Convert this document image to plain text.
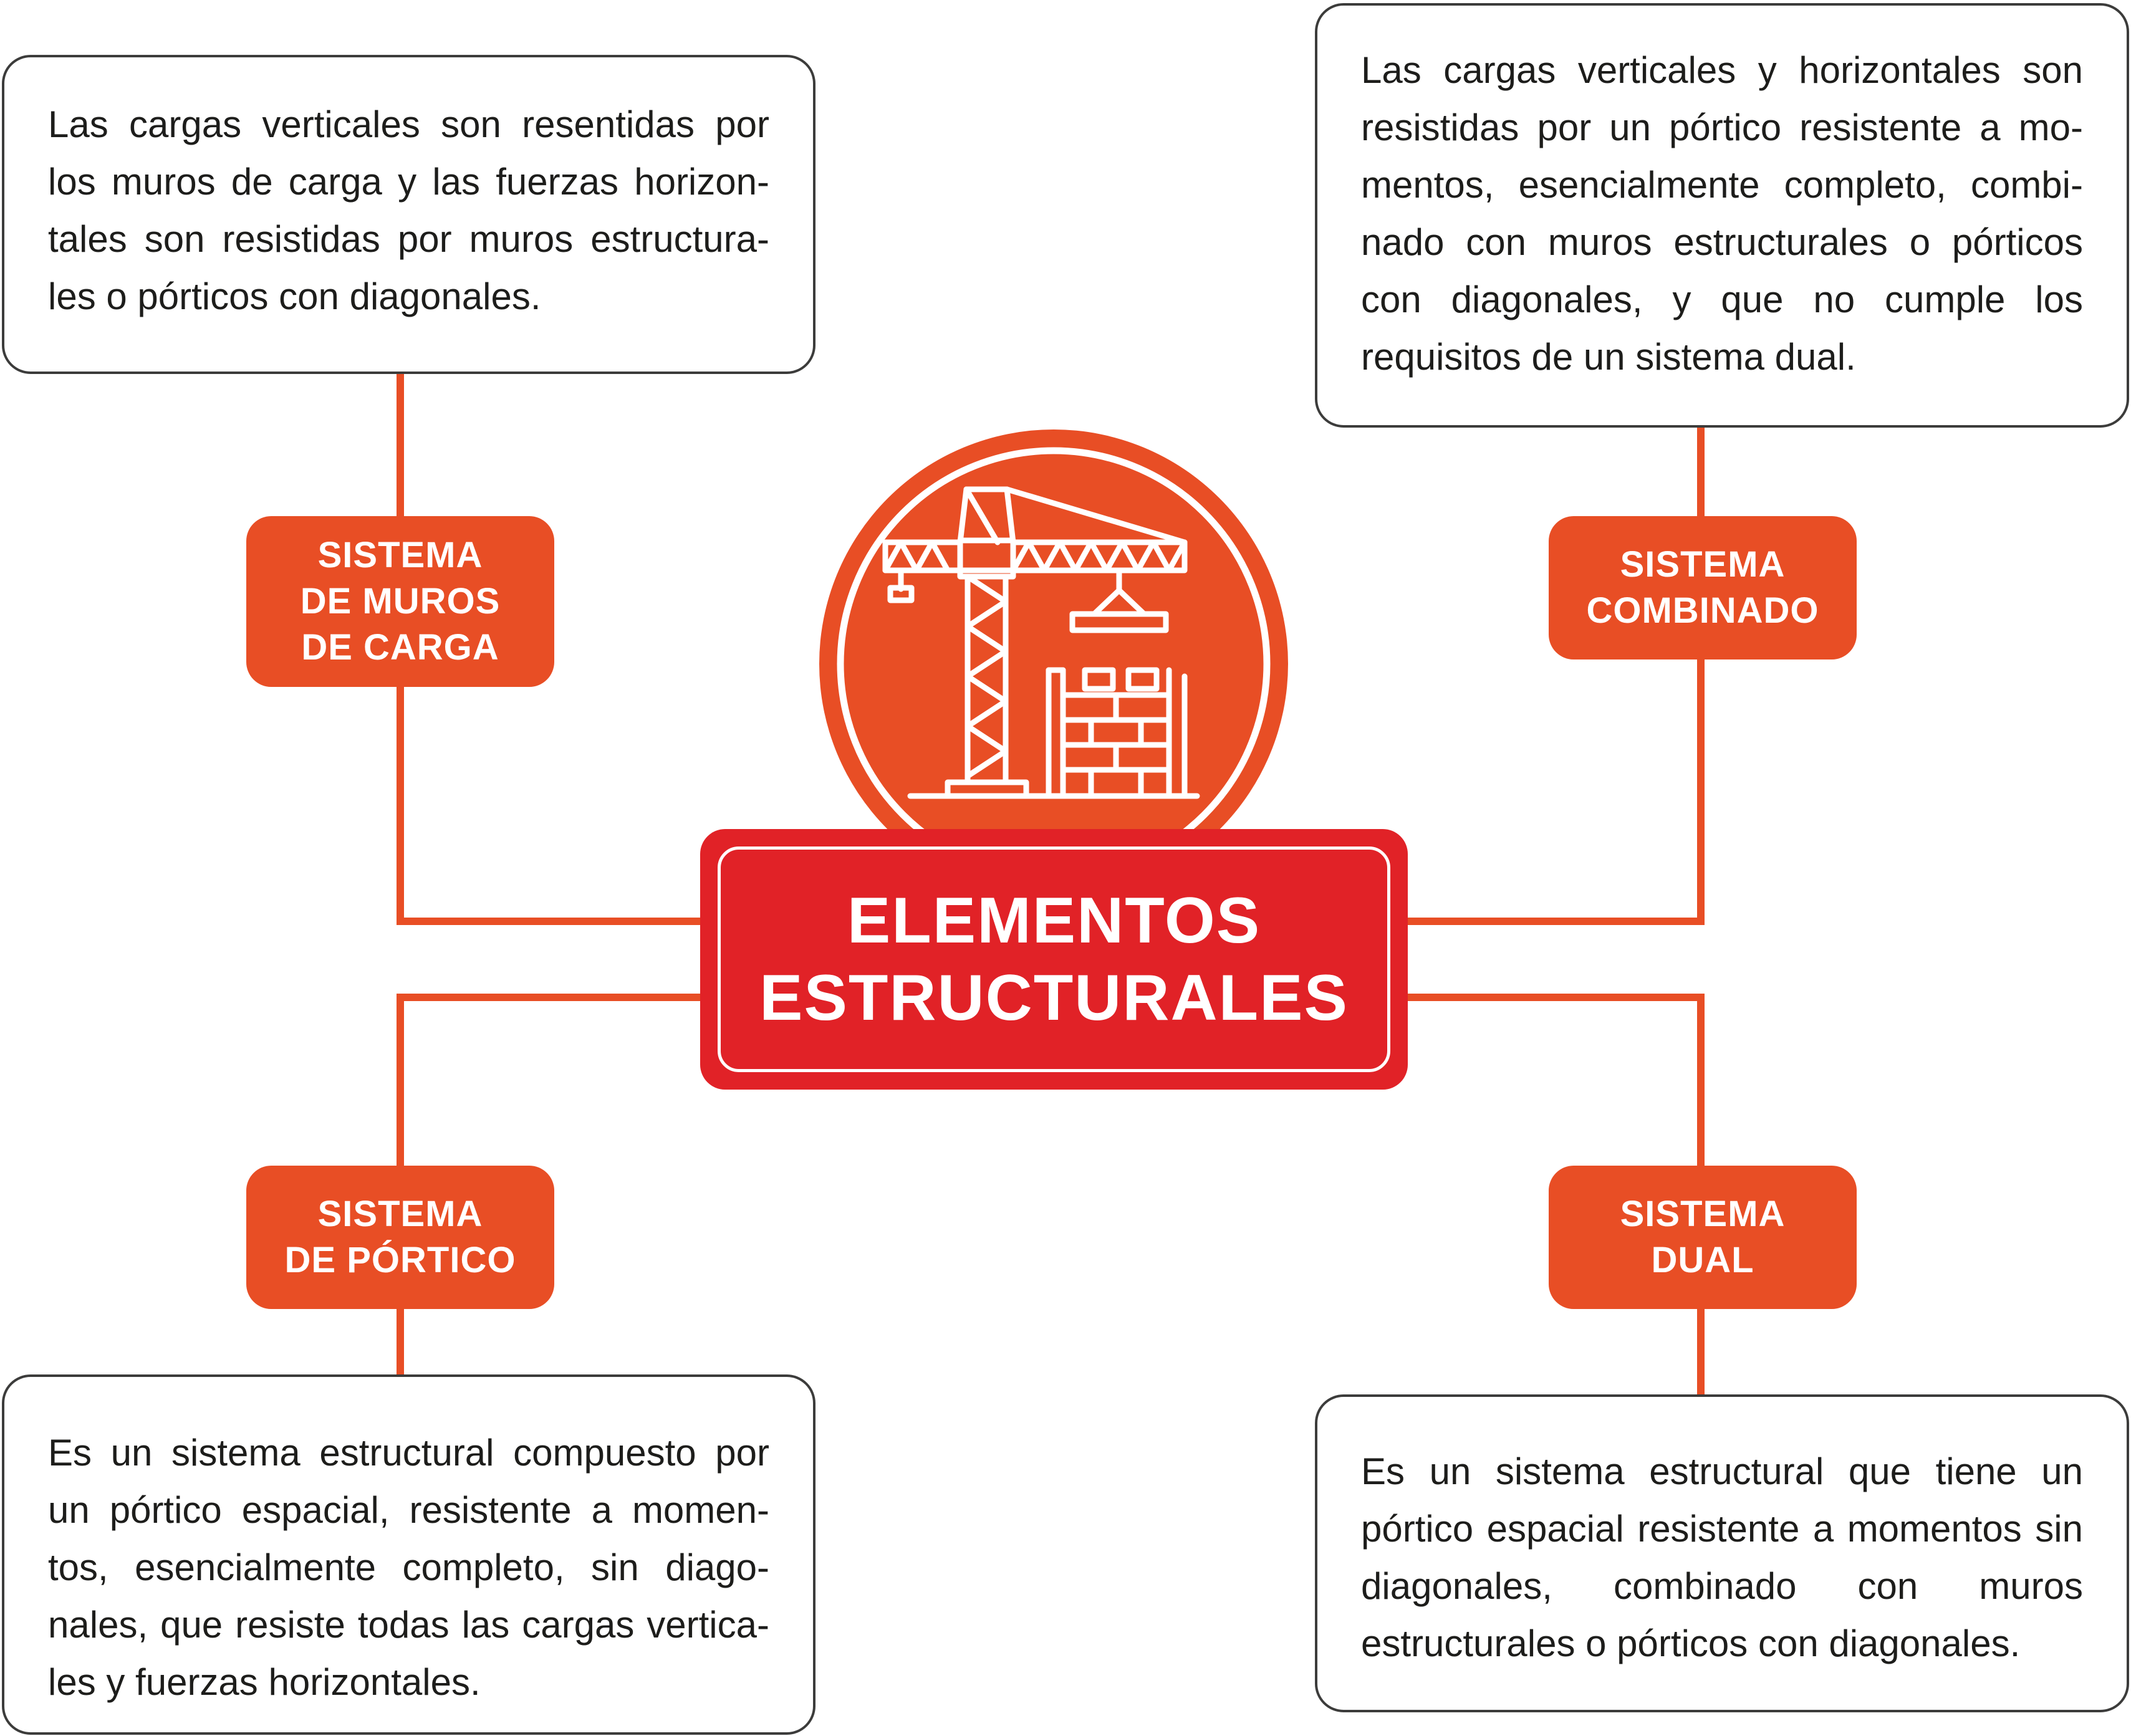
Las cargas verticales son resentidas por los muros de carga y las fuerzas horizontales son resistidas por muros estructurales o pórticos con diagonales.

Las cargas verticales y horizontales son resistidas por un pórtico resistente a momentos, esencialmente completo, combinado con muros estructurales o pórticos con diagonales, y que no cumple los requisitos de un sistema dual.

Es un sistema estructural compuesto por un pórtico espacial, resistente a momentos, esencialmente completo, sin diagonales, que resiste todas las cargas verticales y fuerzas horizontales.

Es un sistema estructural que tiene un pórtico espacial resistente a momentos sin diagonales, combinado con muros estructurales o pórticos con diagonales.

SISTEMA
DE MUROS
DE CARGA
SISTEMA
COMBINADO
SISTEMA
DE PÓRTICO
SISTEMA
DUAL
ELEMENTOS
ESTRUCTURALES
